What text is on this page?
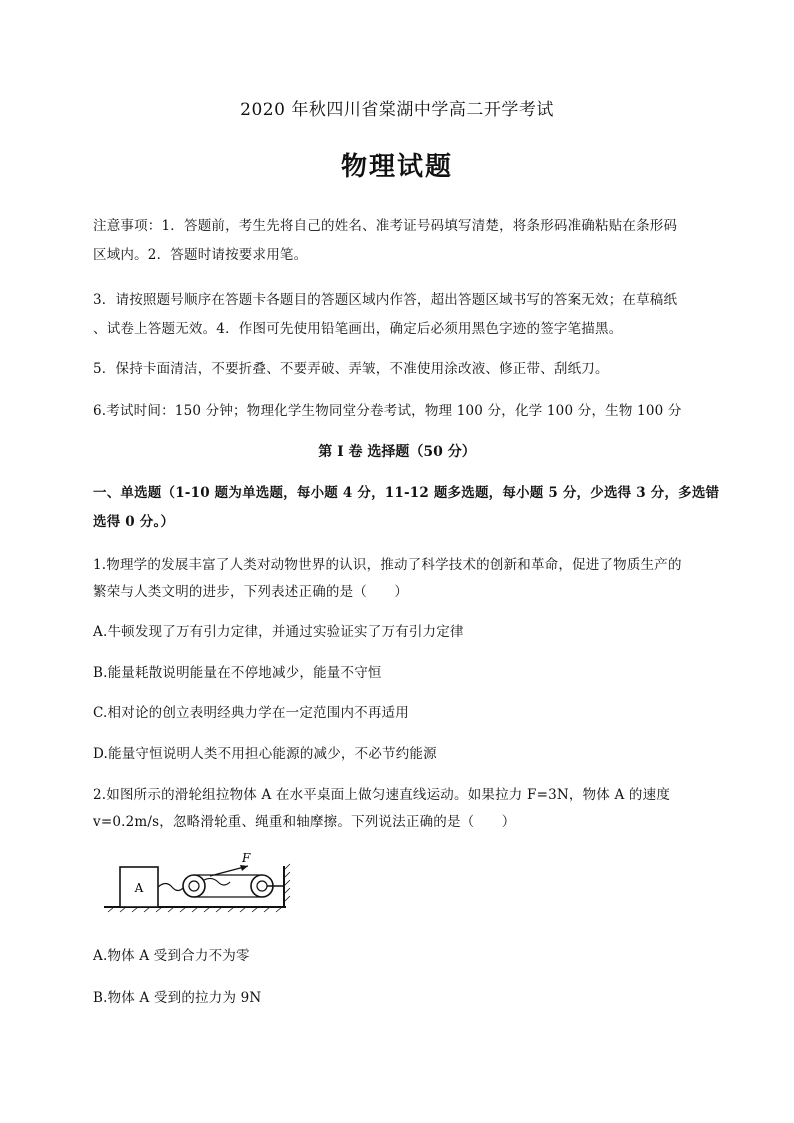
2020 年秋四川省棠湖中学高二开学考试
物理试题
注意事项：1．答题前，考生先将自己的姓名、准考证号码填写清楚，将条形码准确粘贴在条形码
区域内。2．答题时请按要求用笔。
3．请按照题号顺序在答题卡各题目的答题区域内作答，超出答题区域书写的答案无效；在草稿纸
、试卷上答题无效。4．作图可先使用铅笔画出，确定后必须用黑色字迹的签字笔描黑。
5．保持卡面清洁，不要折叠、不要弄破、弄皱，不准使用涂改液、修正带、刮纸刀。
6.考试时间：150 分钟；物理化学生物同堂分卷考试，物理 100 分，化学 100 分，生物 100 分
第 I 卷 选择题（50 分）
一、单选题（1-10 题为单选题，每小题 4 分，11-12 题多选题，每小题 5 分，少选得 3 分，多选错
选得 0 分。）
1.物理学的发展丰富了人类对动物世界的认识，推动了科学技术的创新和革命，促进了物质生产的
繁荣与人类文明的进步，下列表述正确的是（　　）
A.牛顿发现了万有引力定律，并通过实验证实了万有引力定律
B.能量耗散说明能量在不停地减少，能量不守恒
C.相对论的创立表明经典力学在一定范围内不再适用
D.能量守恒说明人类不用担心能源的减少，不必节约能源
2.如图所示的滑轮组拉物体 A 在水平桌面上做匀速直线运动。如果拉力 F=3N，物体 A 的速度
v=0.2m/s，忽略滑轮重、绳重和轴摩擦。下列说法正确的是（　　）
A
F
A.物体 A 受到合力不为零
B.物体 A 受到的拉力为 9N
